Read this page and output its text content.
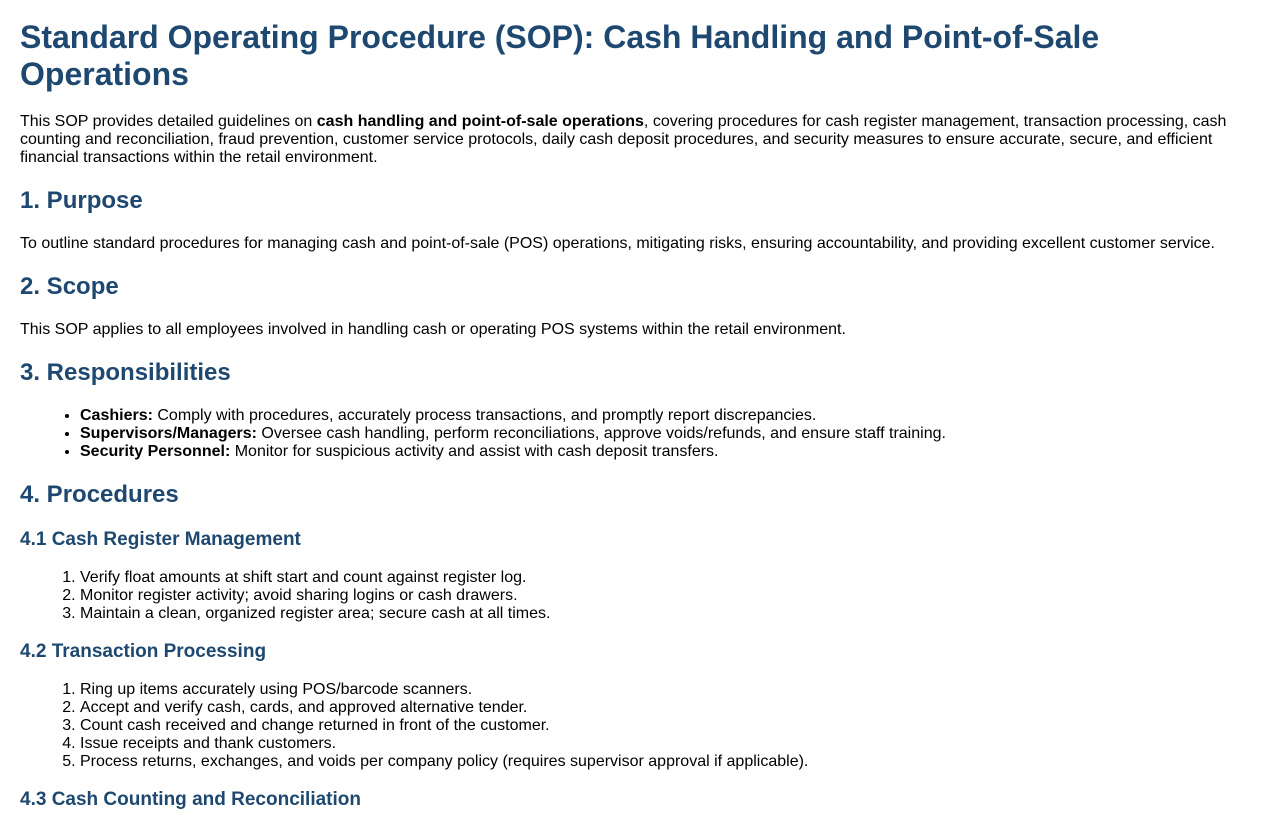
Standard Operating Procedure (SOP): Cash Handling and Point-of-Sale Operations

This SOP provides detailed guidelines on cash handling and point-of-sale operations, covering procedures for cash register management, transaction processing, cash counting and reconciliation, fraud prevention, customer service protocols, daily cash deposit procedures, and security measures to ensure accurate, secure, and efficient financial transactions within the retail environment.

1. Purpose

To outline standard procedures for managing cash and point-of-sale (POS) operations, mitigating risks, ensuring accountability, and providing excellent customer service.

2. Scope

This SOP applies to all employees involved in handling cash or operating POS systems within the retail environment.

3. Responsibilities
• Cashiers: Comply with procedures, accurately process transactions, and promptly report discrepancies.
• Supervisors/Managers: Oversee cash handling, perform reconciliations, approve voids/refunds, and ensure staff training.
• Security Personnel: Monitor for suspicious activity and assist with cash deposit transfers.
4. Procedures
4.1 Cash Register Management
1. Verify float amounts at shift start and count against register log.
2. Monitor register activity; avoid sharing logins or cash drawers.
3. Maintain a clean, organized register area; secure cash at all times.
4.2 Transaction Processing
1. Ring up items accurately using POS/barcode scanners.
2. Accept and verify cash, cards, and approved alternative tender.
3. Count cash received and change returned in front of the customer.
4. Issue receipts and thank customers.
5. Process returns, exchanges, and voids per company policy (requires supervisor approval if applicable).
4.3 Cash Counting and Reconciliation
